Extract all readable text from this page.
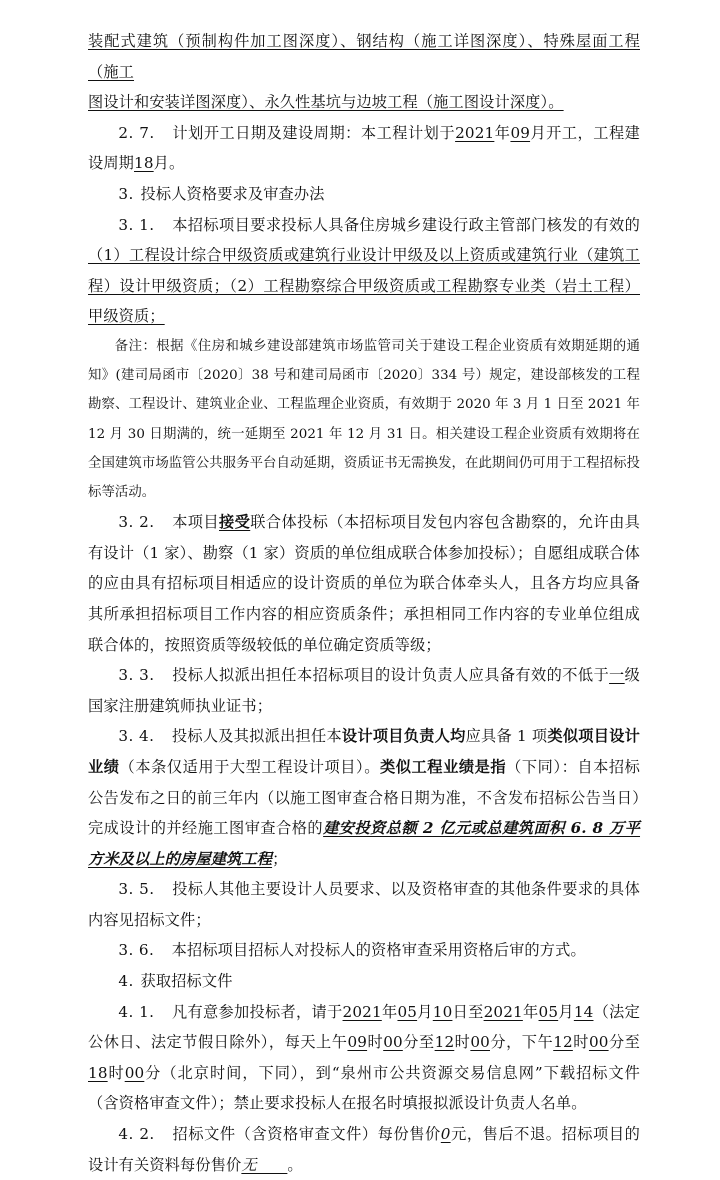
装配式建筑（预制构件加工图深度）、钢结构（施工详图深度）、特殊屋面工程（施工

图设计和安装详图深度）、永久性基坑与边坡工程（施工图设计深度）。

2. 7. 计划开工日期及建设周期：本工程计划于2021年09月开工，工程建设周期18月。

3. 投标人资格要求及审查办法

3. 1. 本招标项目要求投标人具备住房城乡建设行政主管部门核发的有效的（1）工程设计综合甲级资质或建筑行业设计甲级及以上资质或建筑行业（建筑工程）设计甲级资质；（2）工程勘察综合甲级资质或工程勘察专业类（岩土工程）甲级资质；

备注：根据《住房和城乡建设部建筑市场监管司关于建设工程企业资质有效期延期的通知》(建司局函市〔2020〕38 号和建司局函市〔2020〕334 号）规定，建设部核发的工程勘察、工程设计、建筑业企业、工程监理企业资质，有效期于 2020 年 3 月 1 日至 2021 年 12 月 30 日期满的，统一延期至 2021 年 12 月 31 日。相关建设工程企业资质有效期将在全国建筑市场监管公共服务平台自动延期，资质证书无需换发，在此期间仍可用于工程招标投标等活动。

3. 2. 本项目接受联合体投标（本招标项目发包内容包含勘察的，允许由具有设计（1 家）、勘察（1 家）资质的单位组成联合体参加投标）；自愿组成联合体的应由具有招标项目相适应的设计资质的单位为联合体牵头人，且各方均应具备其所承担招标项目工作内容的相应资质条件；承担相同工作内容的专业单位组成联合体的，按照资质等级较低的单位确定资质等级；

3. 3. 投标人拟派出担任本招标项目的设计负责人应具备有效的不低于一级国家注册建筑师执业证书；

3. 4. 投标人及其拟派出担任本设计项目负责人均应具备 1 项类似项目设计业绩（本条仅适用于大型工程设计项目）。类似工程业绩是指（下同）：自本招标公告发布之日的前三年内（以施工图审查合格日期为准，不含发布招标公告当日）完成设计的并经施工图审查合格的建安投资总额 2 亿元或总建筑面积 6. 8 万平方米及以上的房屋建筑工程；

3. 5. 投标人其他主要设计人员要求、以及资格审查的其他条件要求的具体内容见招标文件；

3. 6. 本招标项目招标人对投标人的资格审查采用资格后审的方式。

4. 获取招标文件

4. 1. 凡有意参加投标者，请于2021年05月10日至2021年05月14（法定公休日、法定节假日除外），每天上午09时00分至12时00分，下午12时00分至18时00分（北京时间，下同），到“泉州市公共资源交易信息网”下载招标文件（含资格审查文件）；禁止要求投标人在报名时填报拟派设计负责人名单。

4. 2. 招标文件（含资格审查文件）每份售价0元，售后不退。招标项目的设计有关资料每份售价无　　。
